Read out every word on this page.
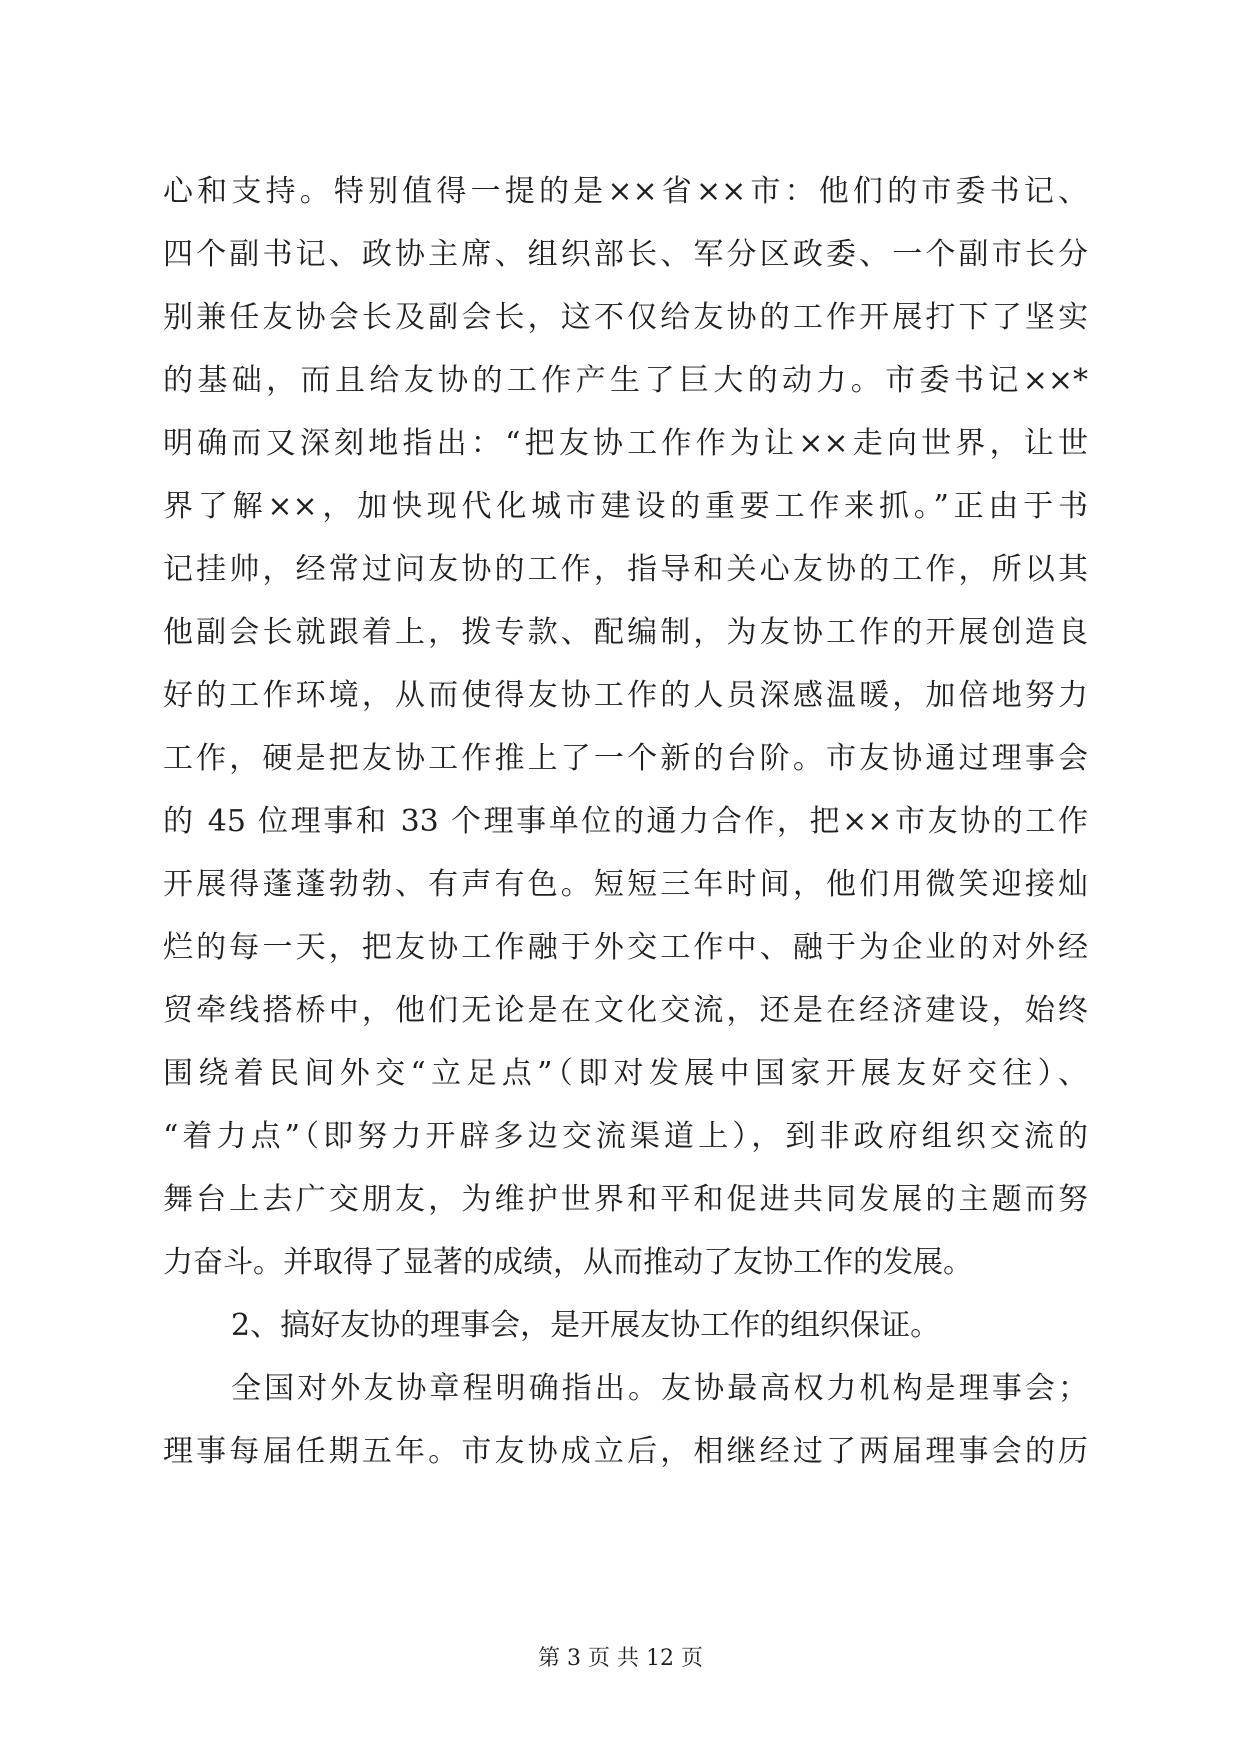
心和支持。特别值得一提的是××省××市：他们的市委书记、
四个副书记、政协主席、组织部长、军分区政委、一个副市长分
别兼任友协会长及副会长，这不仅给友协的工作开展打下了坚实
的基础，而且给友协的工作产生了巨大的动力。市委书记××*
明确而又深刻地指出：“把友协工作作为让××走向世界，让世
界了解××，加快现代化城市建设的重要工作来抓。”正由于书
记挂帅，经常过问友协的工作，指导和关心友协的工作，所以其
他副会长就跟着上，拨专款、配编制，为友协工作的开展创造良
好的工作环境，从而使得友协工作的人员深感温暖，加倍地努力
工作，硬是把友协工作推上了一个新的台阶。市友协通过理事会
的 45 位理事和 33 个理事单位的通力合作，把××市友协的工作
开展得蓬蓬勃勃、有声有色。短短三年时间，他们用微笑迎接灿
烂的每一天，把友协工作融于外交工作中、融于为企业的对外经
贸牵线搭桥中，他们无论是在文化交流，还是在经济建设，始终
围绕着民间外交“立足点”（即对发展中国家开展友好交往）、
“着力点”（即努力开辟多边交流渠道上），到非政府组织交流的
舞台上去广交朋友，为维护世界和平和促进共同发展的主题而努
力奋斗。并取得了显著的成绩，从而推动了友协工作的发展。
2、搞好友协的理事会，是开展友协工作的组织保证。
全国对外友协章程明确指出。友协最高权力机构是理事会；
理事每届任期五年。市友协成立后，相继经过了两届理事会的历
第 3 页 共 12 页
